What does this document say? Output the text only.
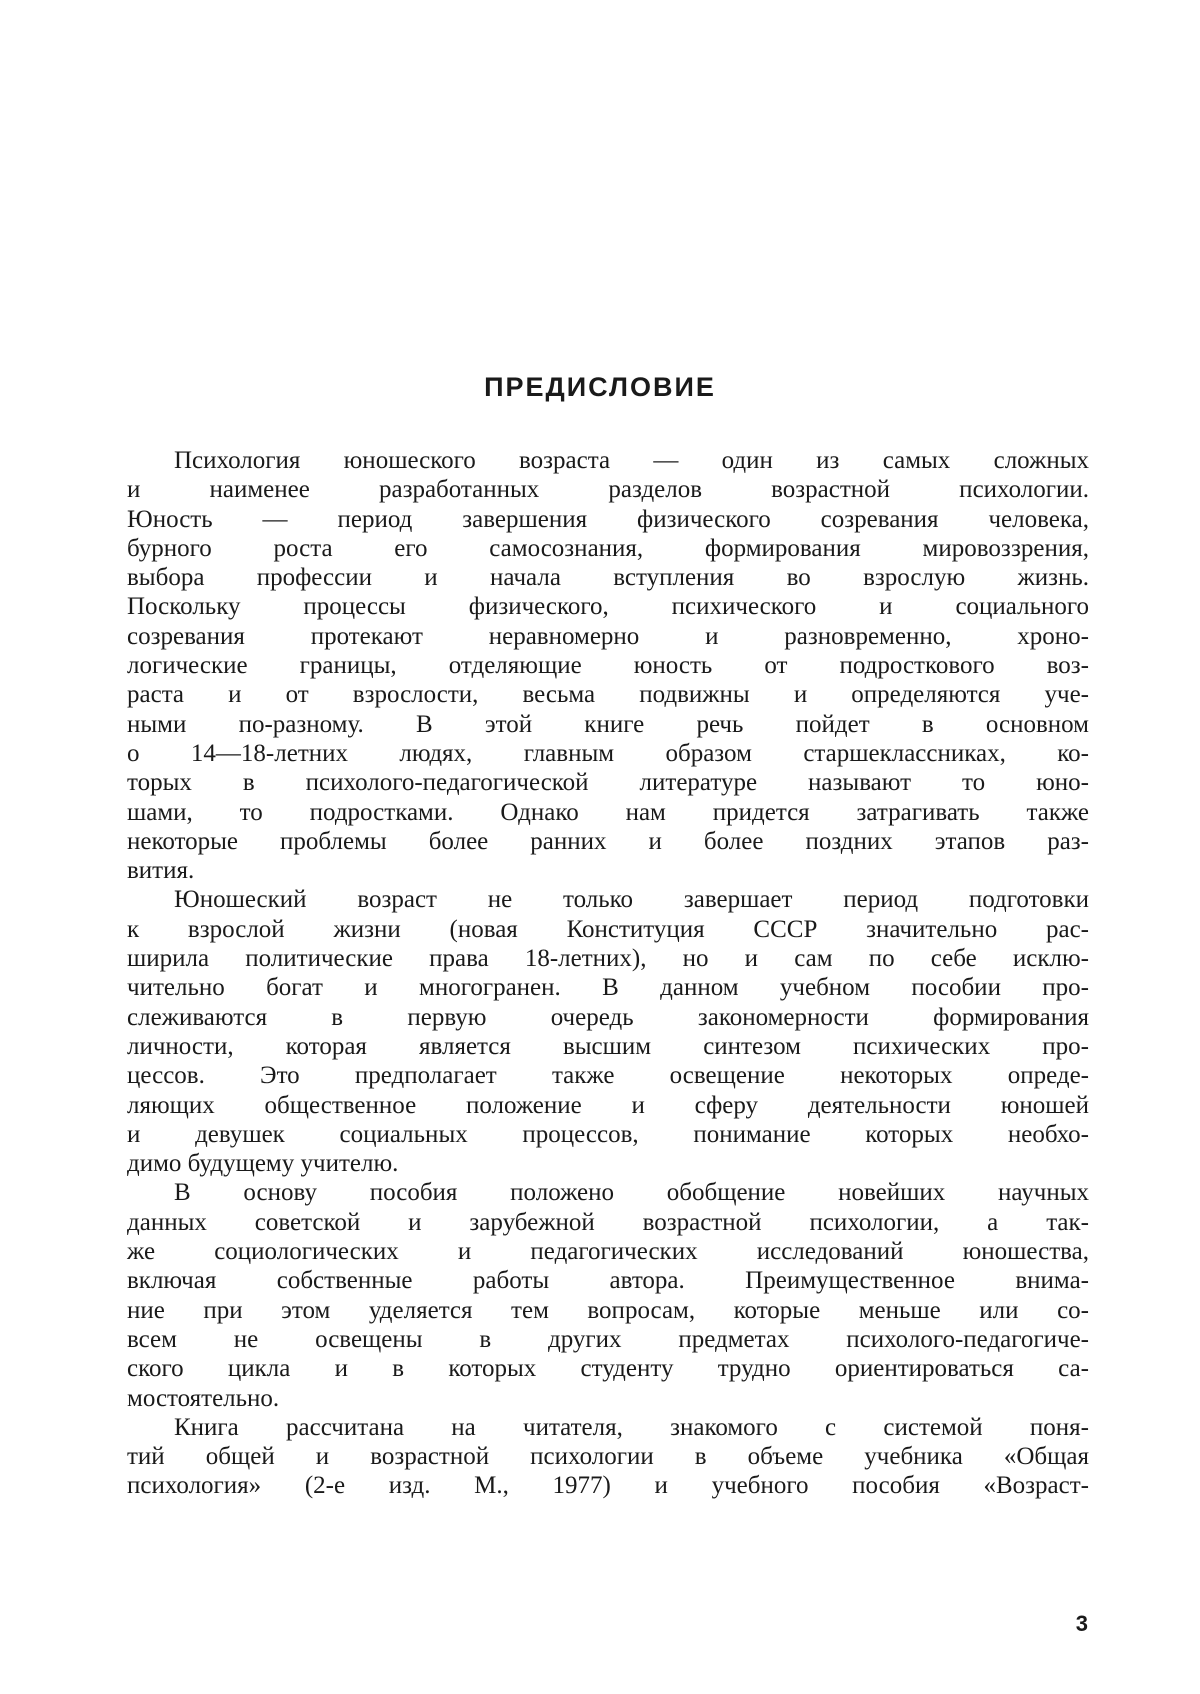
ПРЕДИСЛОВИЕ
Психология юношеского возраста — один из самых сложных
и наименее разработанных разделов возрастной психологии.
Юность — период завершения физического созревания человека,
бурного роста его самосознания, формирования мировоззрения,
выбора профессии и начала вступления во взрослую жизнь.
Поскольку процессы физического, психического и социального
созревания протекают неравномерно и разновременно, хроно-
логические границы, отделяющие юность от подросткового воз-
раста и от взрослости, весьма подвижны и определяются уче-
ными по-разному. В этой книге речь пойдет в основном
о 14—18-летних людях, главным образом старшеклассниках, ко-
торых в психолого-педагогической литературе называют то юно-
шами, то подростками. Однако нам придется затрагивать также
некоторые проблемы более ранних и более поздних этапов раз-
вития.
Юношеский возраст не только завершает период подготовки
к взрослой жизни (новая Конституция СССР значительно рас-
ширила политические права 18-летних), но и сам по себе исклю-
чительно богат и многогранен. В данном учебном пособии про-
слеживаются в первую очередь закономерности формирования
личности, которая является высшим синтезом психических про-
цессов. Это предполагает также освещение некоторых опреде-
ляющих общественное положение и сферу деятельности юношей
и девушек социальных процессов, понимание которых необхо-
димо будущему учителю.
В основу пособия положено обобщение новейших научных
данных советской и зарубежной возрастной психологии, а так-
же социологических и педагогических исследований юношества,
включая собственные работы автора. Преимущественное внима-
ние при этом уделяется тем вопросам, которые меньше или со-
всем не освещены в других предметах психолого-педагогиче-
ского цикла и в которых студенту трудно ориентироваться са-
мостоятельно.
Книга рассчитана на читателя, знакомого с системой поня-
тий общей и возрастной психологии в объеме учебника «Общая
психология» (2-е изд. М., 1977) и учебного пособия «Возраст-
3
